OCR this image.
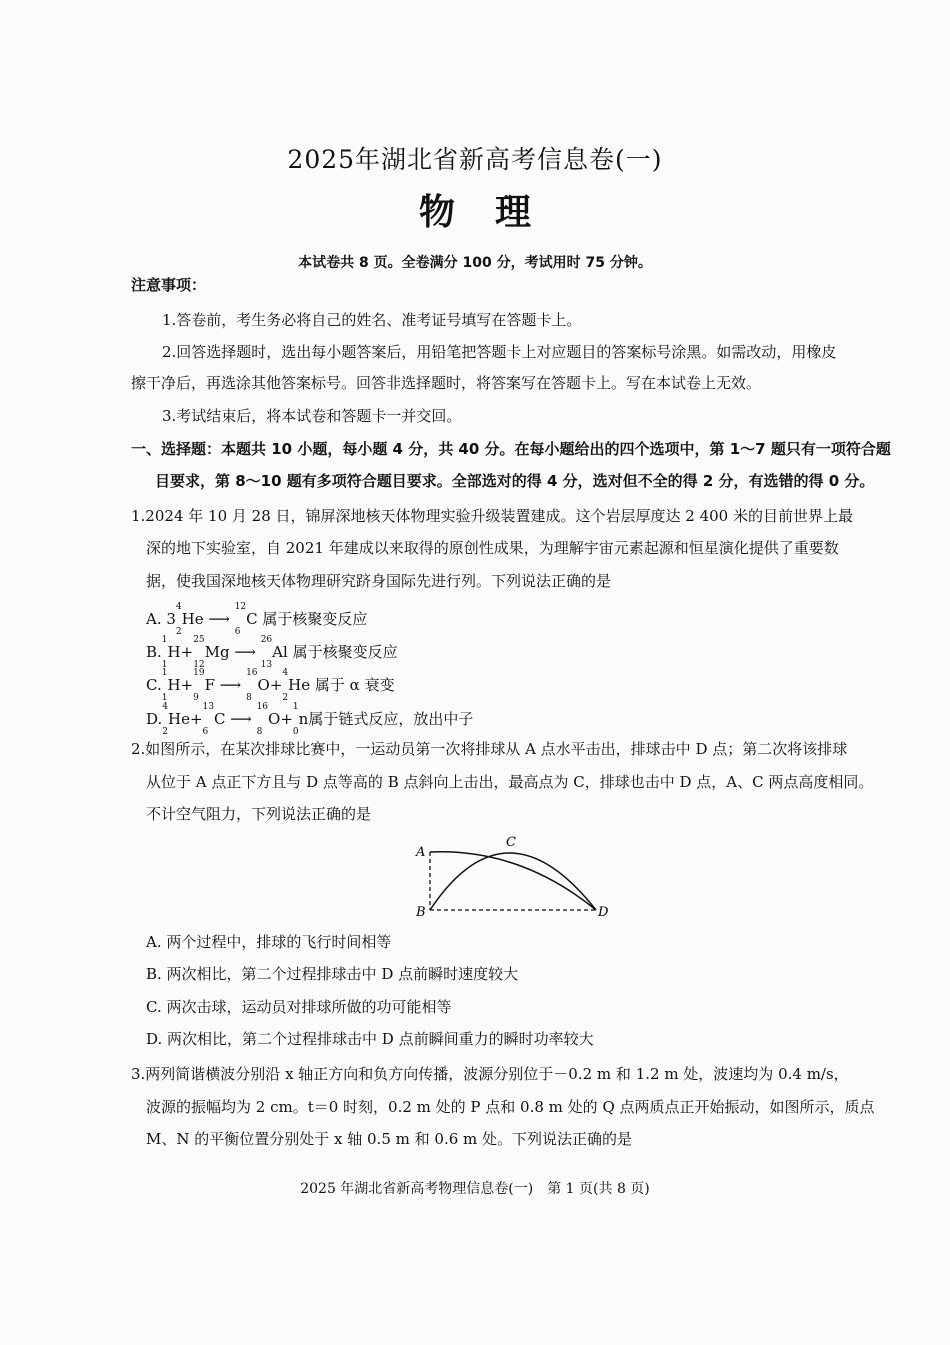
2025年湖北省新高考信息卷(一)
物理
本试卷共 8 页。全卷满分 100 分，考试用时 75 分钟。
注意事项：
1.答卷前，考生务必将自己的姓名、准考证号填写在答题卡上。
2.回答选择题时，选出每小题答案后，用铅笔把答题卡上对应题目的答案标号涂黑。如需改动，用橡皮
擦干净后，再选涂其他答案标号。回答非选择题时，将答案写在答题卡上。写在本试卷上无效。
3.考试结束后，将本试卷和答题卡一并交回。
一、选择题：本题共 10 小题，每小题 4 分，共 40 分。在每小题给出的四个选项中，第 1～7 题只有一项符合题
目要求，第 8～10 题有多项符合题目要求。全部选对的得 4 分，选对但不全的得 2 分，有选错的得 0 分。
1.2024 年 10 月 28 日，锦屏深地核天体物理实验升级装置建成。这个岩层厚度达 2 400 米的目前世界上最
深的地下实验室，自 2021 年建成以来取得的原创性成果，为理解宇宙元素起源和恒星演化提供了重要数
据，使我国深地核天体物理研究跻身国际先进行列。下列说法正确的是
A. $3^4$
$_2$He ⟶ $^{12}$
$_6$C 属于核聚变反应
B.$^1$
$_1$H+$^{25}$
$_{12}$Mg ⟶ $^{26}$
$_{13}$Al 属于核聚变反应
C.$^1$
$_1$H+$^{19}$
$_9$F ⟶ $^{16}$
$_8$O+$^4$
$_2$He 属于 α 衰变
D.$^4$
$_2$He+$^{13}$
$_6$C ⟶ $^{16}$
$_8$O+$^1$
$_0$n属于链式反应，放出中子
2.如图所示，在某次排球比赛中，一运动员第一次将排球从 A 点水平击出，排球击中 D 点；第二次将该排球
从位于 A 点正下方且与 D 点等高的 B 点斜向上击出，最高点为 C，排球也击中 D 点，A、C 两点高度相同。
不计空气阻力，下列说法正确的是
A
B
C
D
A. 两个过程中，排球的飞行时间相等
B. 两次相比，第二个过程排球击中 D 点前瞬时速度较大
C. 两次击球，运动员对排球所做的功可能相等
D. 两次相比，第二个过程排球击中 D 点前瞬间重力的瞬时功率较大
3.两列简谐横波分别沿 x 轴正方向和负方向传播，波源分别位于－0.2 m 和 1.2 m 处，波速均为 0.4 m/s，
波源的振幅均为 2 cm。t＝0 时刻，0.2 m 处的 P 点和 0.8 m 处的 Q 点两质点正开始振动，如图所示，质点
M、N 的平衡位置分别处于 x 轴 0.5 m 和 0.6 m 处。下列说法正确的是
2025 年湖北省新高考物理信息卷(一)　第 1 页(共 8 页)
